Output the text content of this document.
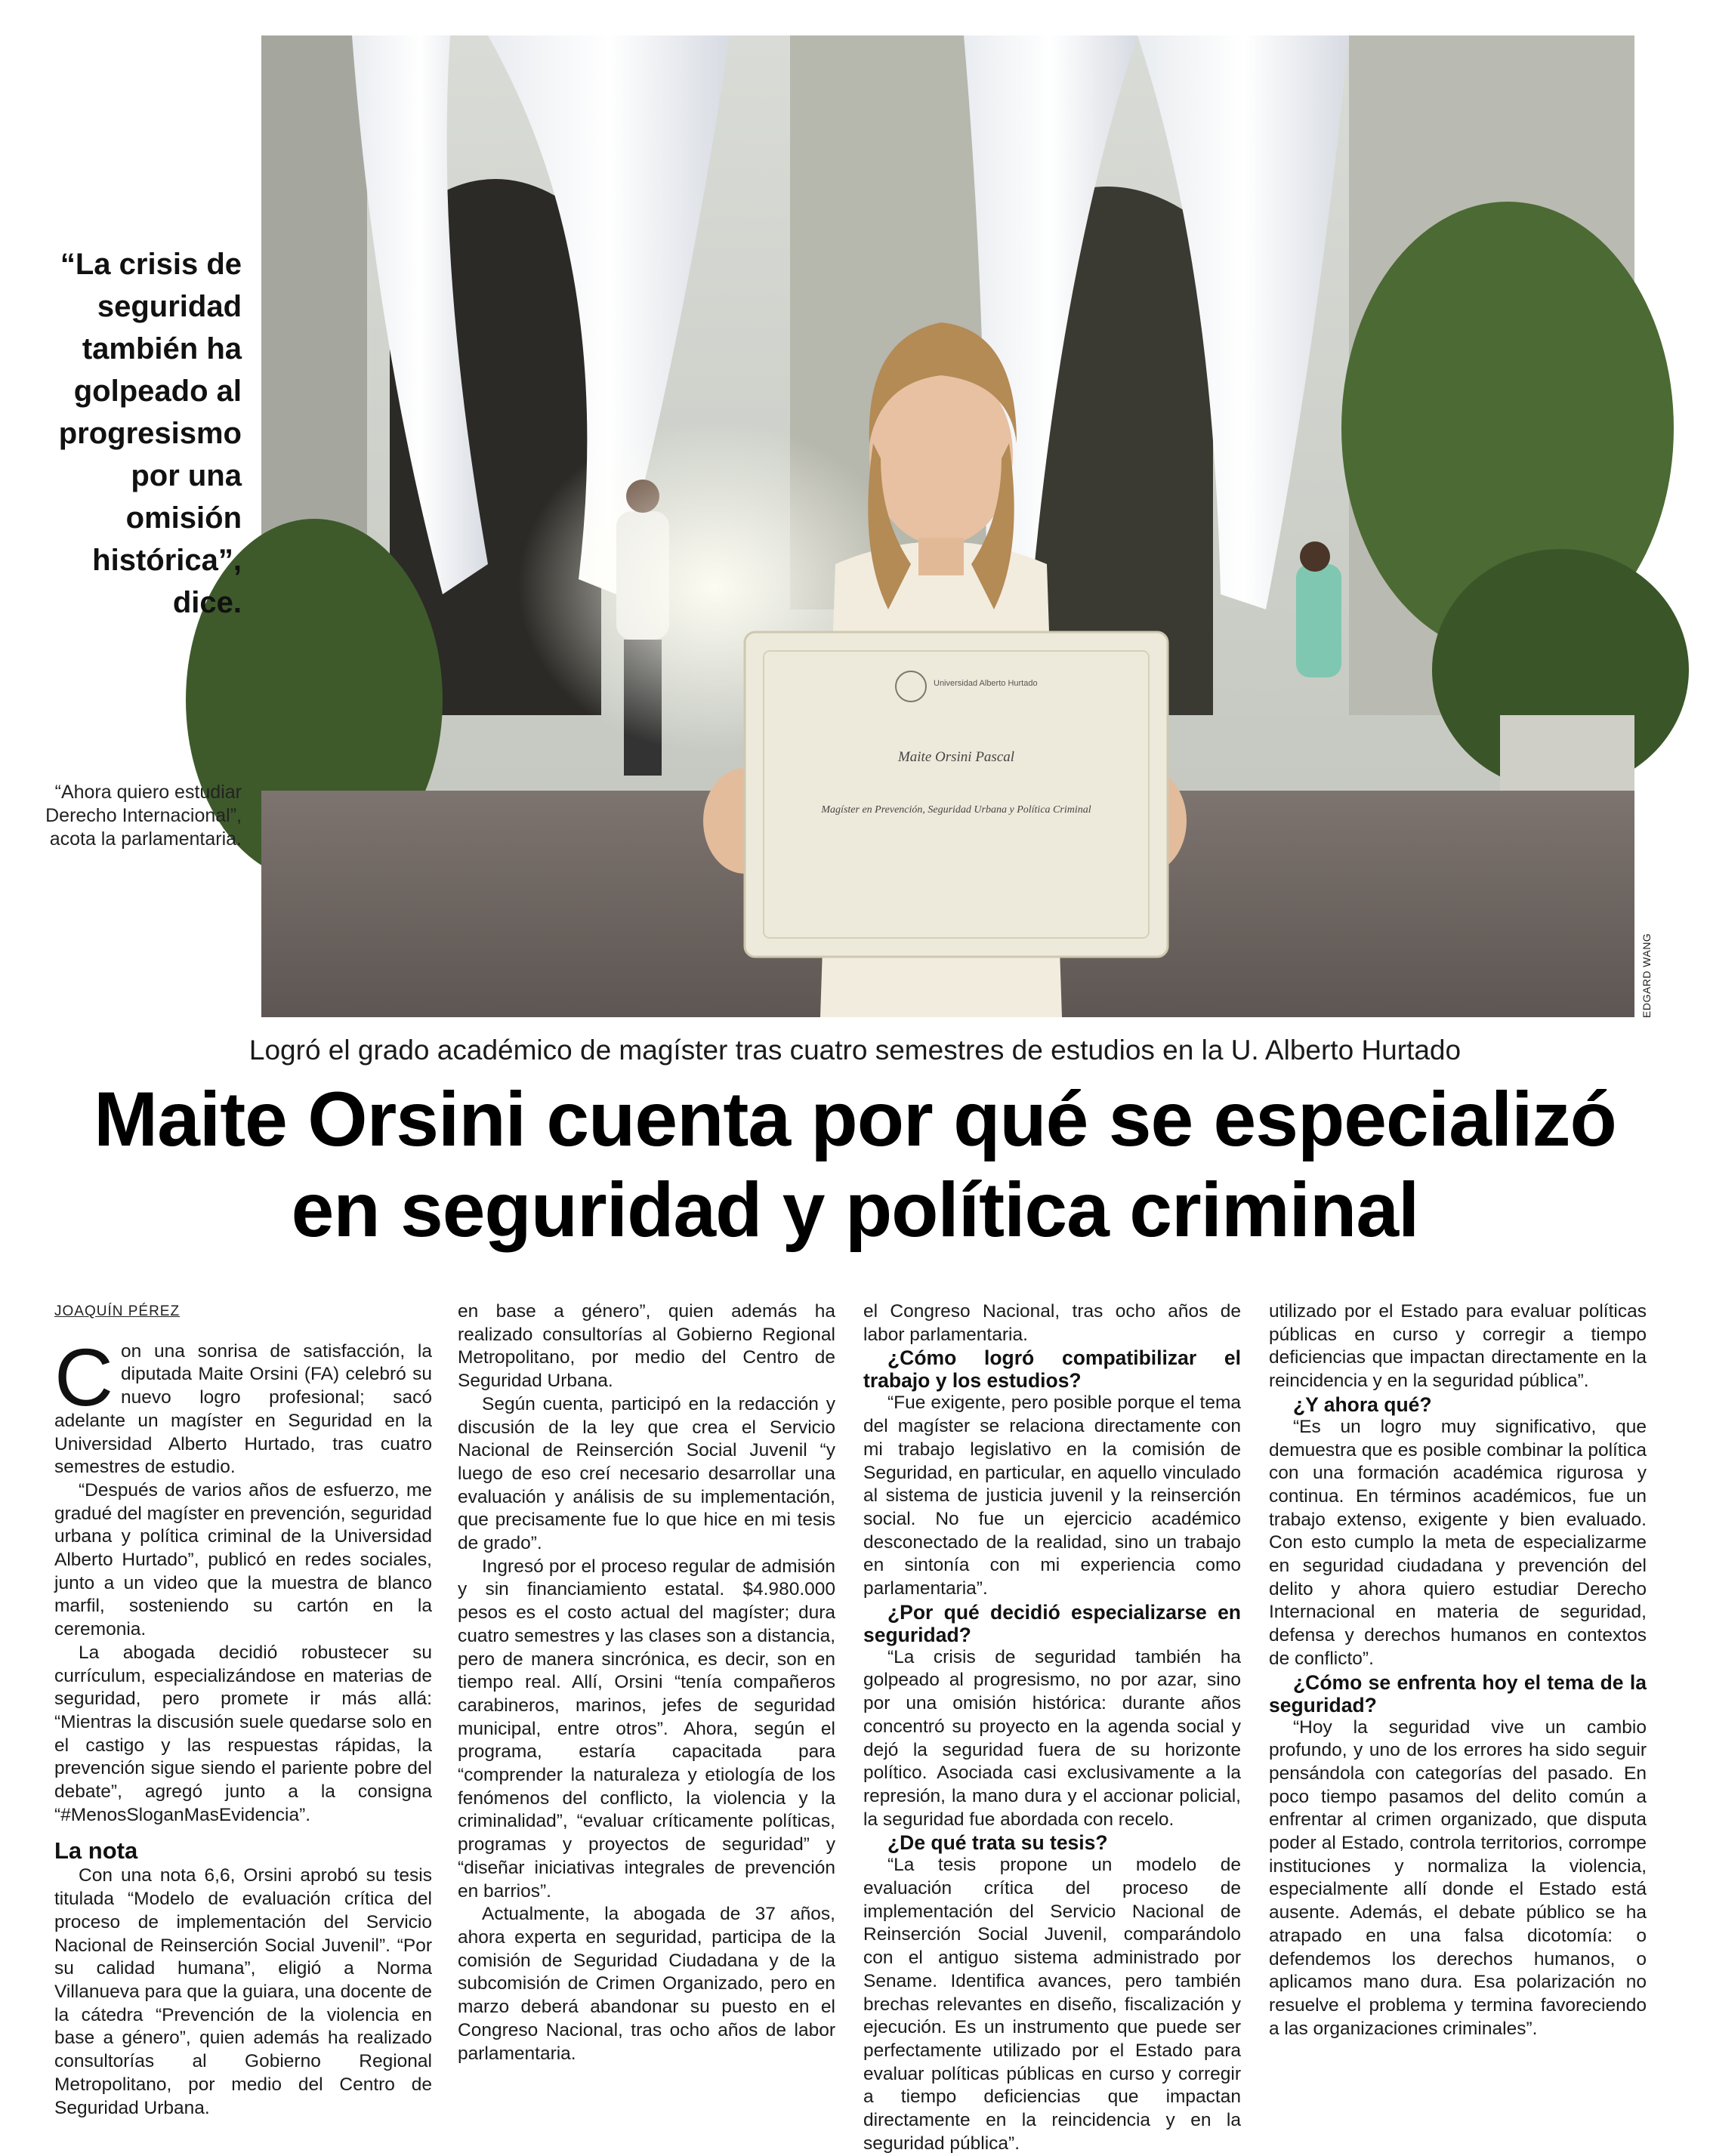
Universidad Alberto Hurtado
Maite Orsini Pascal
Magíster en Prevención, Seguridad Urbana y Política Criminal
EDGARD WANG
“La crisis de seguridad también ha golpeado al progresismo por una omisión histórica”, dice.
“Ahora quiero estudiar Derecho Internacional”, acota la parlamentaria.
Logró el grado académico de magíster tras cuatro semestres de estudios en la U. Alberto Hurtado
Maite Orsini cuenta por qué se especializó
en seguridad y política criminal
JOAQUÍN PÉREZ

Con una sonrisa de satisfacción, la diputada Maite Orsini (FA) celebró su nuevo logro profesional; sacó adelante un magíster en Seguridad en la Universidad Alberto Hurtado, tras cuatro semestres de estudio.

“Después de varios años de esfuerzo, me gradué del magíster en prevención, seguridad urbana y política criminal de la Universidad Alberto Hurtado”, publicó en redes sociales, junto a un video que la muestra de blanco marfil, sosteniendo su cartón en la ceremonia.

La abogada decidió robustecer su currículum, especializándose en materias de seguridad, pero promete ir más allá: “Mientras la discusión suele quedarse solo en el castigo y las respuestas rápidas, la prevención sigue siendo el pariente pobre del debate”, agregó junto a la consigna “#MenosSloganMasEvidencia”.

La nota

Con una nota 6,6, Orsini aprobó su tesis titulada “Modelo de evaluación crítica del proceso de implementación del Servicio Nacional de Reinserción Social Juvenil”. “Por su calidad humana”, eligió a Norma Villanueva para que la guiara, una docente de la cátedra “Prevención de la violencia en base a género”, quien además ha realizado consultorías al Gobierno Regional Metropolitano, por medio del Centro de Seguridad Urbana.

en base a género”, quien además ha realizado consultorías al Gobierno Regional Metropolitano, por medio del Centro de Seguridad Urbana.

Según cuenta, participó en la redacción y discusión de la ley que crea el Servicio Nacional de Reinserción Social Juvenil “y luego de eso creí necesario desarrollar una evaluación y análisis de su implementación, que precisamente fue lo que hice en mi tesis de grado”.

Ingresó por el proceso regular de admisión y sin financiamiento estatal. $4.980.000 pesos es el costo actual del magíster; dura cuatro semestres y las clases son a distancia, pero de manera sincrónica, es decir, son en tiempo real. Allí, Orsini “tenía compañeros carabineros, marinos, jefes de seguridad municipal, entre otros”. Ahora, según el programa, estaría capacitada para “comprender la naturaleza y etiología de los fenómenos del conflicto, la violencia y la criminalidad”, “evaluar críticamente políticas, programas y proyectos de seguridad” y “diseñar iniciativas integrales de prevención en barrios”.

Actualmente, la abogada de 37 años, ahora experta en seguridad, participa de la comisión de Seguridad Ciudadana y de la subcomisión de Crimen Organizado, pero en marzo deberá abandonar su puesto en el Congreso Nacional, tras ocho años de labor parlamentaria.

el Congreso Nacional, tras ocho años de labor parlamentaria.

¿Cómo logró compatibilizar el trabajo y los estudios?

“Fue exigente, pero posible porque el tema del magíster se relaciona directamente con mi trabajo legislativo en la comisión de Seguridad, en particular, en aquello vinculado al sistema de justicia juvenil y la reinserción social. No fue un ejercicio académico desconectado de la realidad, sino un trabajo en sintonía con mi experiencia como parlamentaria”.

¿Por qué decidió especializarse en seguridad?

“La crisis de seguridad también ha golpeado al progresismo, no por azar, sino por una omisión histórica: durante años concentró su proyecto en la agenda social y dejó la seguridad fuera de su horizonte político. Asociada casi exclusivamente a la represión, la mano dura y el accionar policial, la seguridad fue abordada con recelo.

¿De qué trata su tesis?

“La tesis propone un modelo de evaluación crítica del proceso de implementación del Servicio Nacional de Reinserción Social Juvenil, comparándolo con el antiguo sistema administrado por Sename. Identifica avances, pero también brechas relevantes en diseño, fiscalización y ejecución. Es un instrumento que puede ser perfectamente utilizado por el Estado para evaluar políticas públicas en curso y corregir a tiempo deficiencias que impactan directamente en la reincidencia y en la seguridad pública”.

utilizado por el Estado para evaluar políticas públicas en curso y corregir a tiempo deficiencias que impactan directamente en la reincidencia y en la seguridad pública”.

¿Y ahora qué?

“Es un logro muy significativo, que demuestra que es posible combinar la política con una formación académica rigurosa y continua. En términos académicos, fue un trabajo extenso, exigente y bien evaluado. Con esto cumplo la meta de especializarme en seguridad ciudadana y prevención del delito y ahora quiero estudiar Derecho Internacional en materia de seguridad, defensa y derechos humanos en contextos de conflicto”.

¿Cómo se enfrenta hoy el tema de la seguridad?

“Hoy la seguridad vive un cambio profundo, y uno de los errores ha sido seguir pensándola con categorías del pasado. En poco tiempo pasamos del delito común a enfrentar al crimen organizado, que disputa poder al Estado, controla territorios, corrompe instituciones y normaliza la violencia, especialmente allí donde el Estado está ausente. Además, el debate público se ha atrapado en una falsa dicotomía: o defendemos los derechos humanos, o aplicamos mano dura. Esa polarización no resuelve el problema y termina favoreciendo a las organizaciones criminales”.
